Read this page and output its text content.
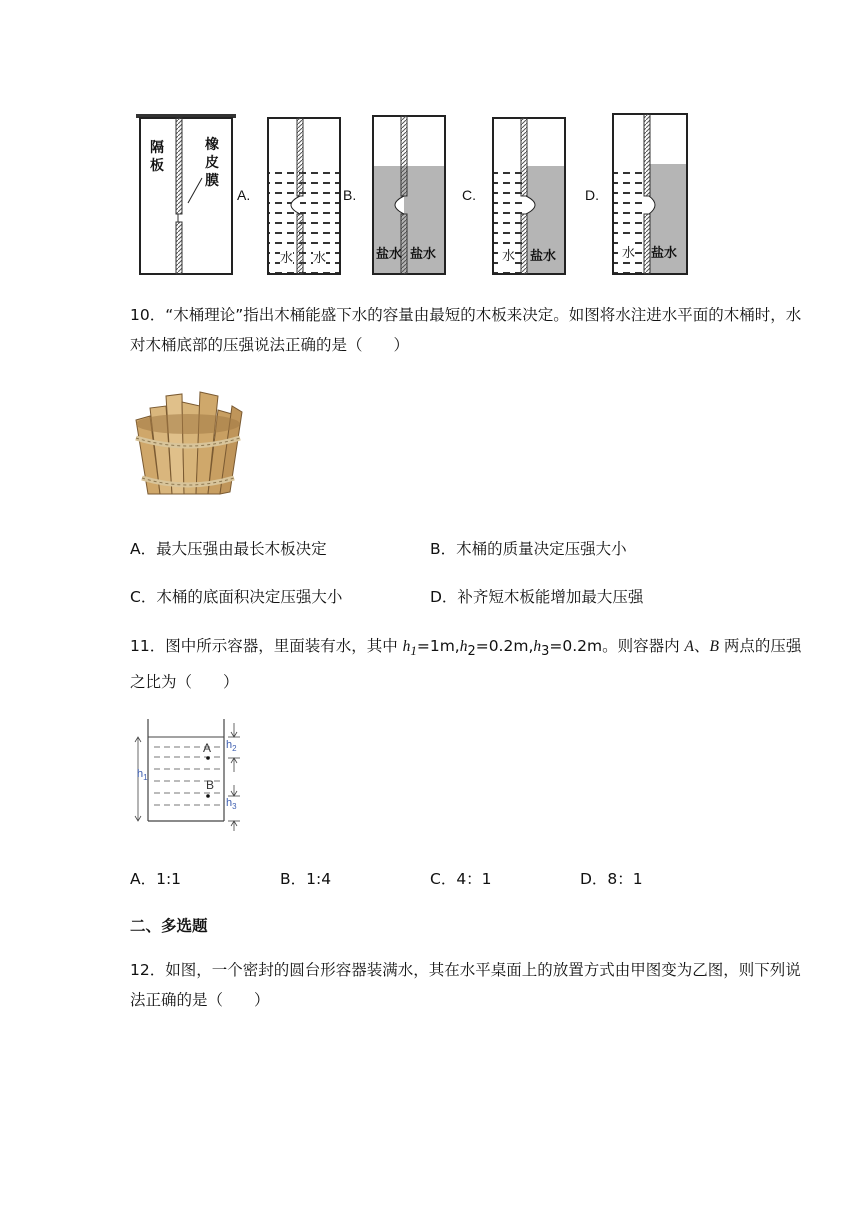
隔板
橡皮膜
A.	B.	C.	D.
水 水	盐水 盐水	水 盐水	水 盐水
10．“木桶理论”指出木桶能盛下水的容量由最短的木板来决定。如图将水注进水平面的木桶时，水对木桶底部的压强说法正确的是（　　）
A．最大压强由最长木板决定	B．木桶的质量决定压强大小
C．木桶的底面积决定压强大小	D．补齐短木板能增加最大压强
11．图中所示容器，里面装有水，其中 $h_1=1m,h_2=0.2m,h_3=0.2m$。则容器内 A、B 两点的压强之比为（　　）
A
B
$h_1$
$h_2$
$h_3$
A．1:1	B．1:4	C．4：1	D．8：1
二、多选题
12．如图，一个密封的圆台形容器装满水，其在水平桌面上的放置方式由甲图变为乙图，则下列说法正确的是（　　）
